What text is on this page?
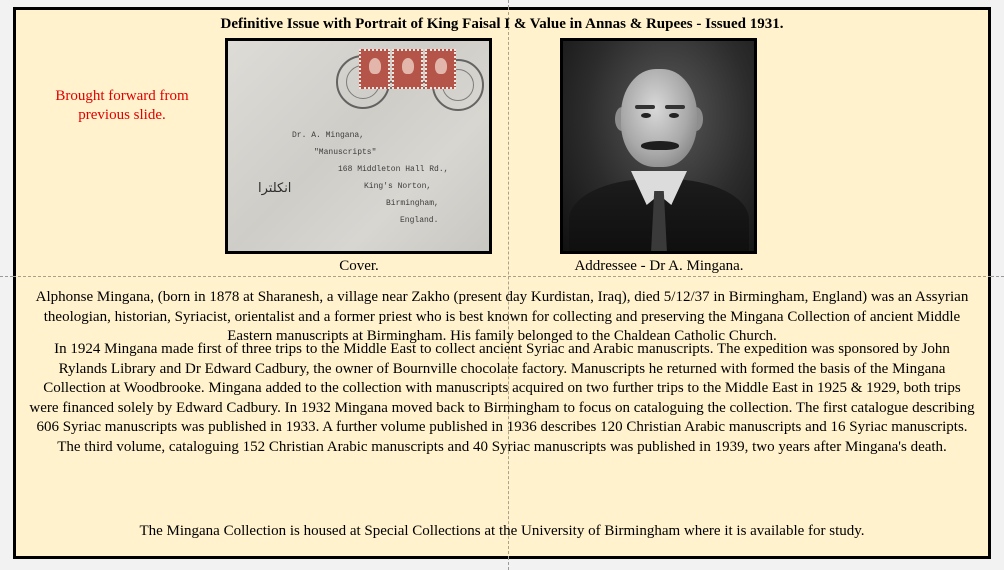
Definitive Issue with Portrait of King Faisal I & Value in Annas & Rupees - Issued 1931.
Brought forward from previous slide.
Dr. A. Mingana,
"Manuscripts"
168 Middleton Hall Rd.,
King's Norton,
Birmingham,
England.
انكلترا
Cover.	Addressee - Dr A. Mingana.

Alphonse Mingana, (born in 1878 at Sharanesh, a village near Zakho (present day Kurdistan, Iraq), died 5/12/37 in Birmingham, England) was an Assyrian theologian, historian, Syriacist, orientalist and a former priest who is best known for collecting and preserving the Mingana Collection of ancient Middle Eastern manuscripts at Birmingham. His family belonged to the Chaldean Catholic Church.

In 1924 Mingana made first of three trips to the Middle East to collect ancient Syriac and Arabic manuscripts. The expedition was sponsored by John Rylands Library and Dr Edward Cadbury, the owner of Bournville chocolate factory. Manuscripts he returned with formed the basis of the Mingana Collection at Woodbrooke. Mingana added to the collection with manuscripts acquired on two further trips to the Middle East in 1925 & 1929, both trips were financed solely by Edward Cadbury. In 1932 Mingana moved back to Birmingham to focus on cataloguing the collection. The first catalogue describing 606 Syriac manuscripts was published in 1933. A further volume published in 1936 describes 120 Christian Arabic manuscripts and 16 Syriac manuscripts. The third volume, cataloguing 152 Christian Arabic manuscripts and 40 Syriac manuscripts was published in 1939, two years after Mingana's death.

The Mingana Collection is housed at Special Collections at the University of Birmingham where it is available for study.
